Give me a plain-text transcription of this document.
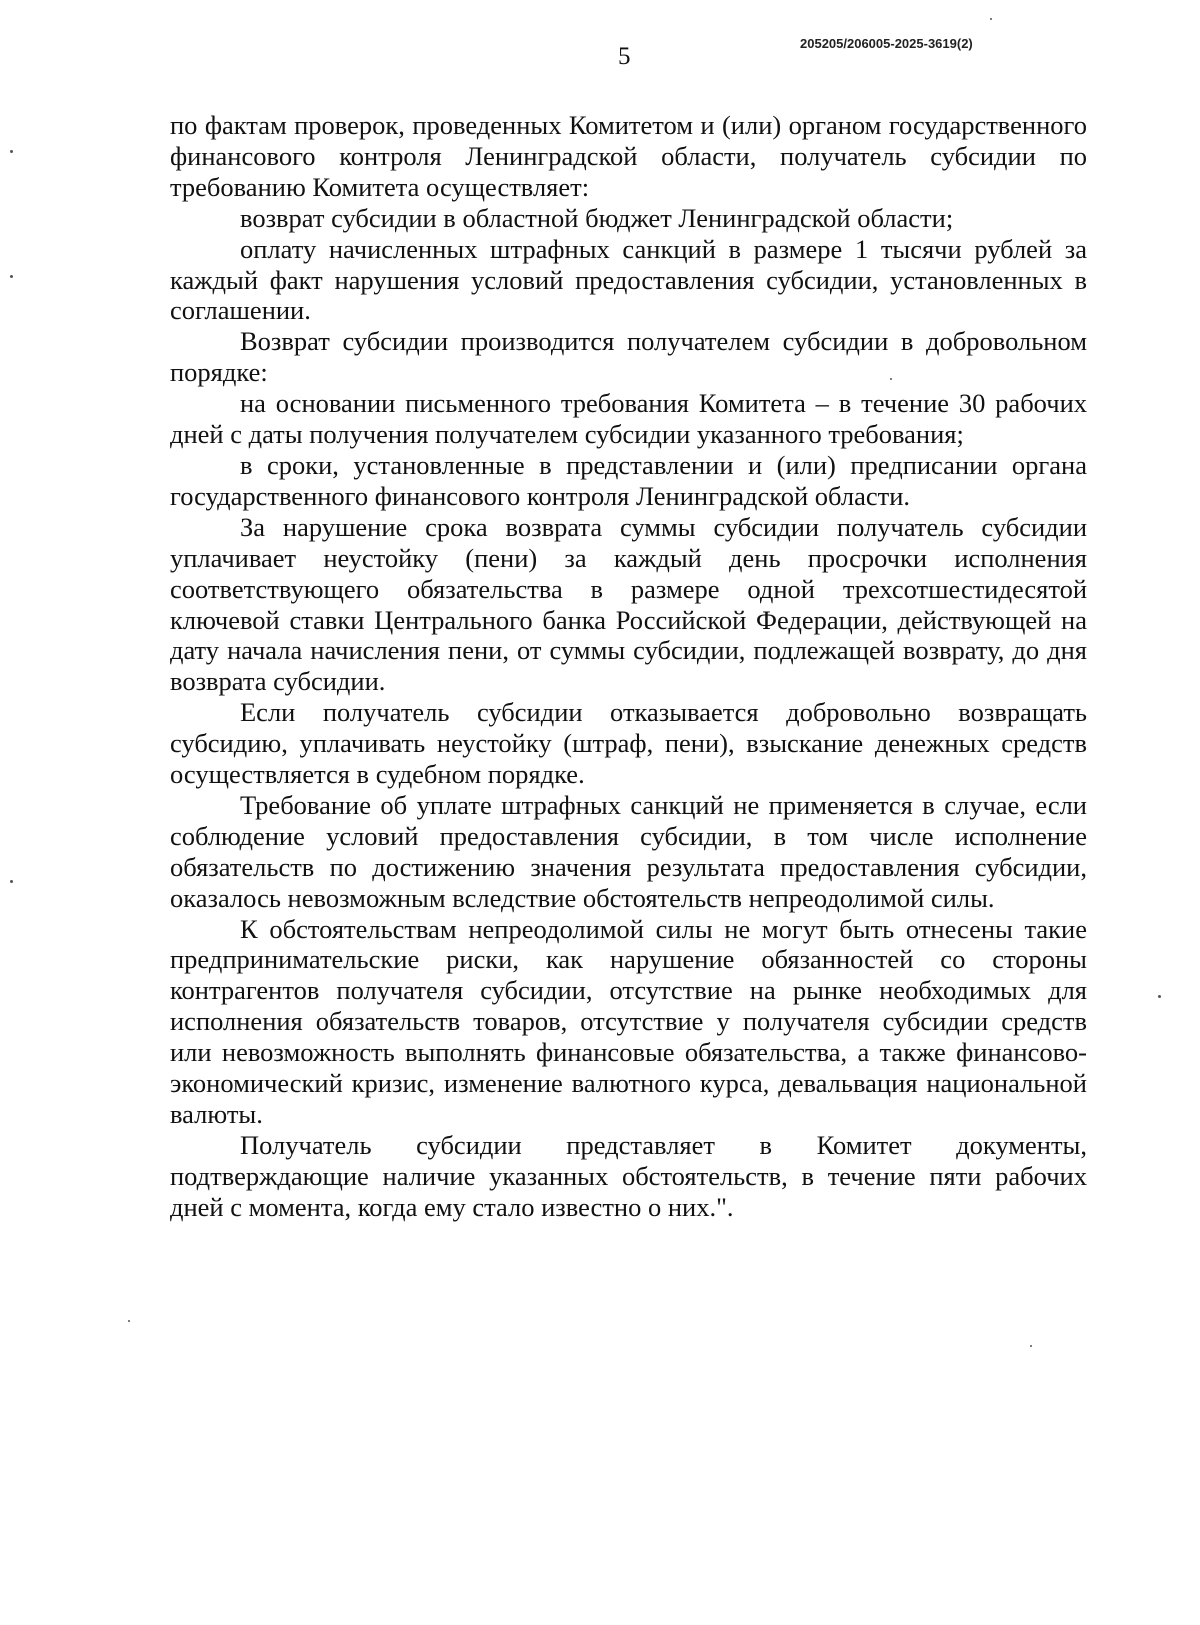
5	205205/206005-2025-3619(2)

по фактам проверок, проведенных Комитетом и (или) органом государственного финансового контроля Ленинградской области, получатель субсидии по требованию Комитета осуществляет:

возврат субсидии в областной бюджет Ленинградской области;

оплату начисленных штрафных санкций в размере 1 тысячи рублей за каждый факт нарушения условий предоставления субсидии, установленных в соглашении.

Возврат субсидии производится получателем субсидии в добровольном порядке:

на основании письменного требования Комитета – в течение 30 рабочих дней с даты получения получателем субсидии указанного требования;

в сроки, установленные в представлении и (или) предписании органа государственного финансового контроля Ленинградской области.

За нарушение срока возврата суммы субсидии получатель субсидии уплачивает неустойку (пени) за каждый день просрочки исполнения соответствующего обязательства в размере одной трехсотшестидесятой ключевой ставки Центрального банка Российской Федерации, действующей на дату начала начисления пени, от суммы субсидии, подлежащей возврату, до дня возврата субсидии.

Если получатель субсидии отказывается добровольно возвращать субсидию, уплачивать неустойку (штраф, пени), взыскание денежных средств осуществляется в судебном порядке.

Требование об уплате штрафных санкций не применяется в случае, если соблюдение условий предоставления субсидии, в том числе исполнение обязательств по достижению значения результата предоставления субсидии, оказалось невозможным вследствие обстоятельств непреодолимой силы.

К обстоятельствам непреодолимой силы не могут быть отнесены такие предпринимательские риски, как нарушение обязанностей со стороны контрагентов получателя субсидии, отсутствие на рынке необходимых для исполнения обязательств товаров, отсутствие у получателя субсидии средств или невозможность выполнять финансовые обязательства, а также финансово-экономический кризис, изменение валютного курса, девальвация национальной валюты.

Получатель субсидии представляет в Комитет документы, подтверждающие наличие указанных обстоятельств, в течение пяти рабочих дней с момента, когда ему стало известно о них.".
